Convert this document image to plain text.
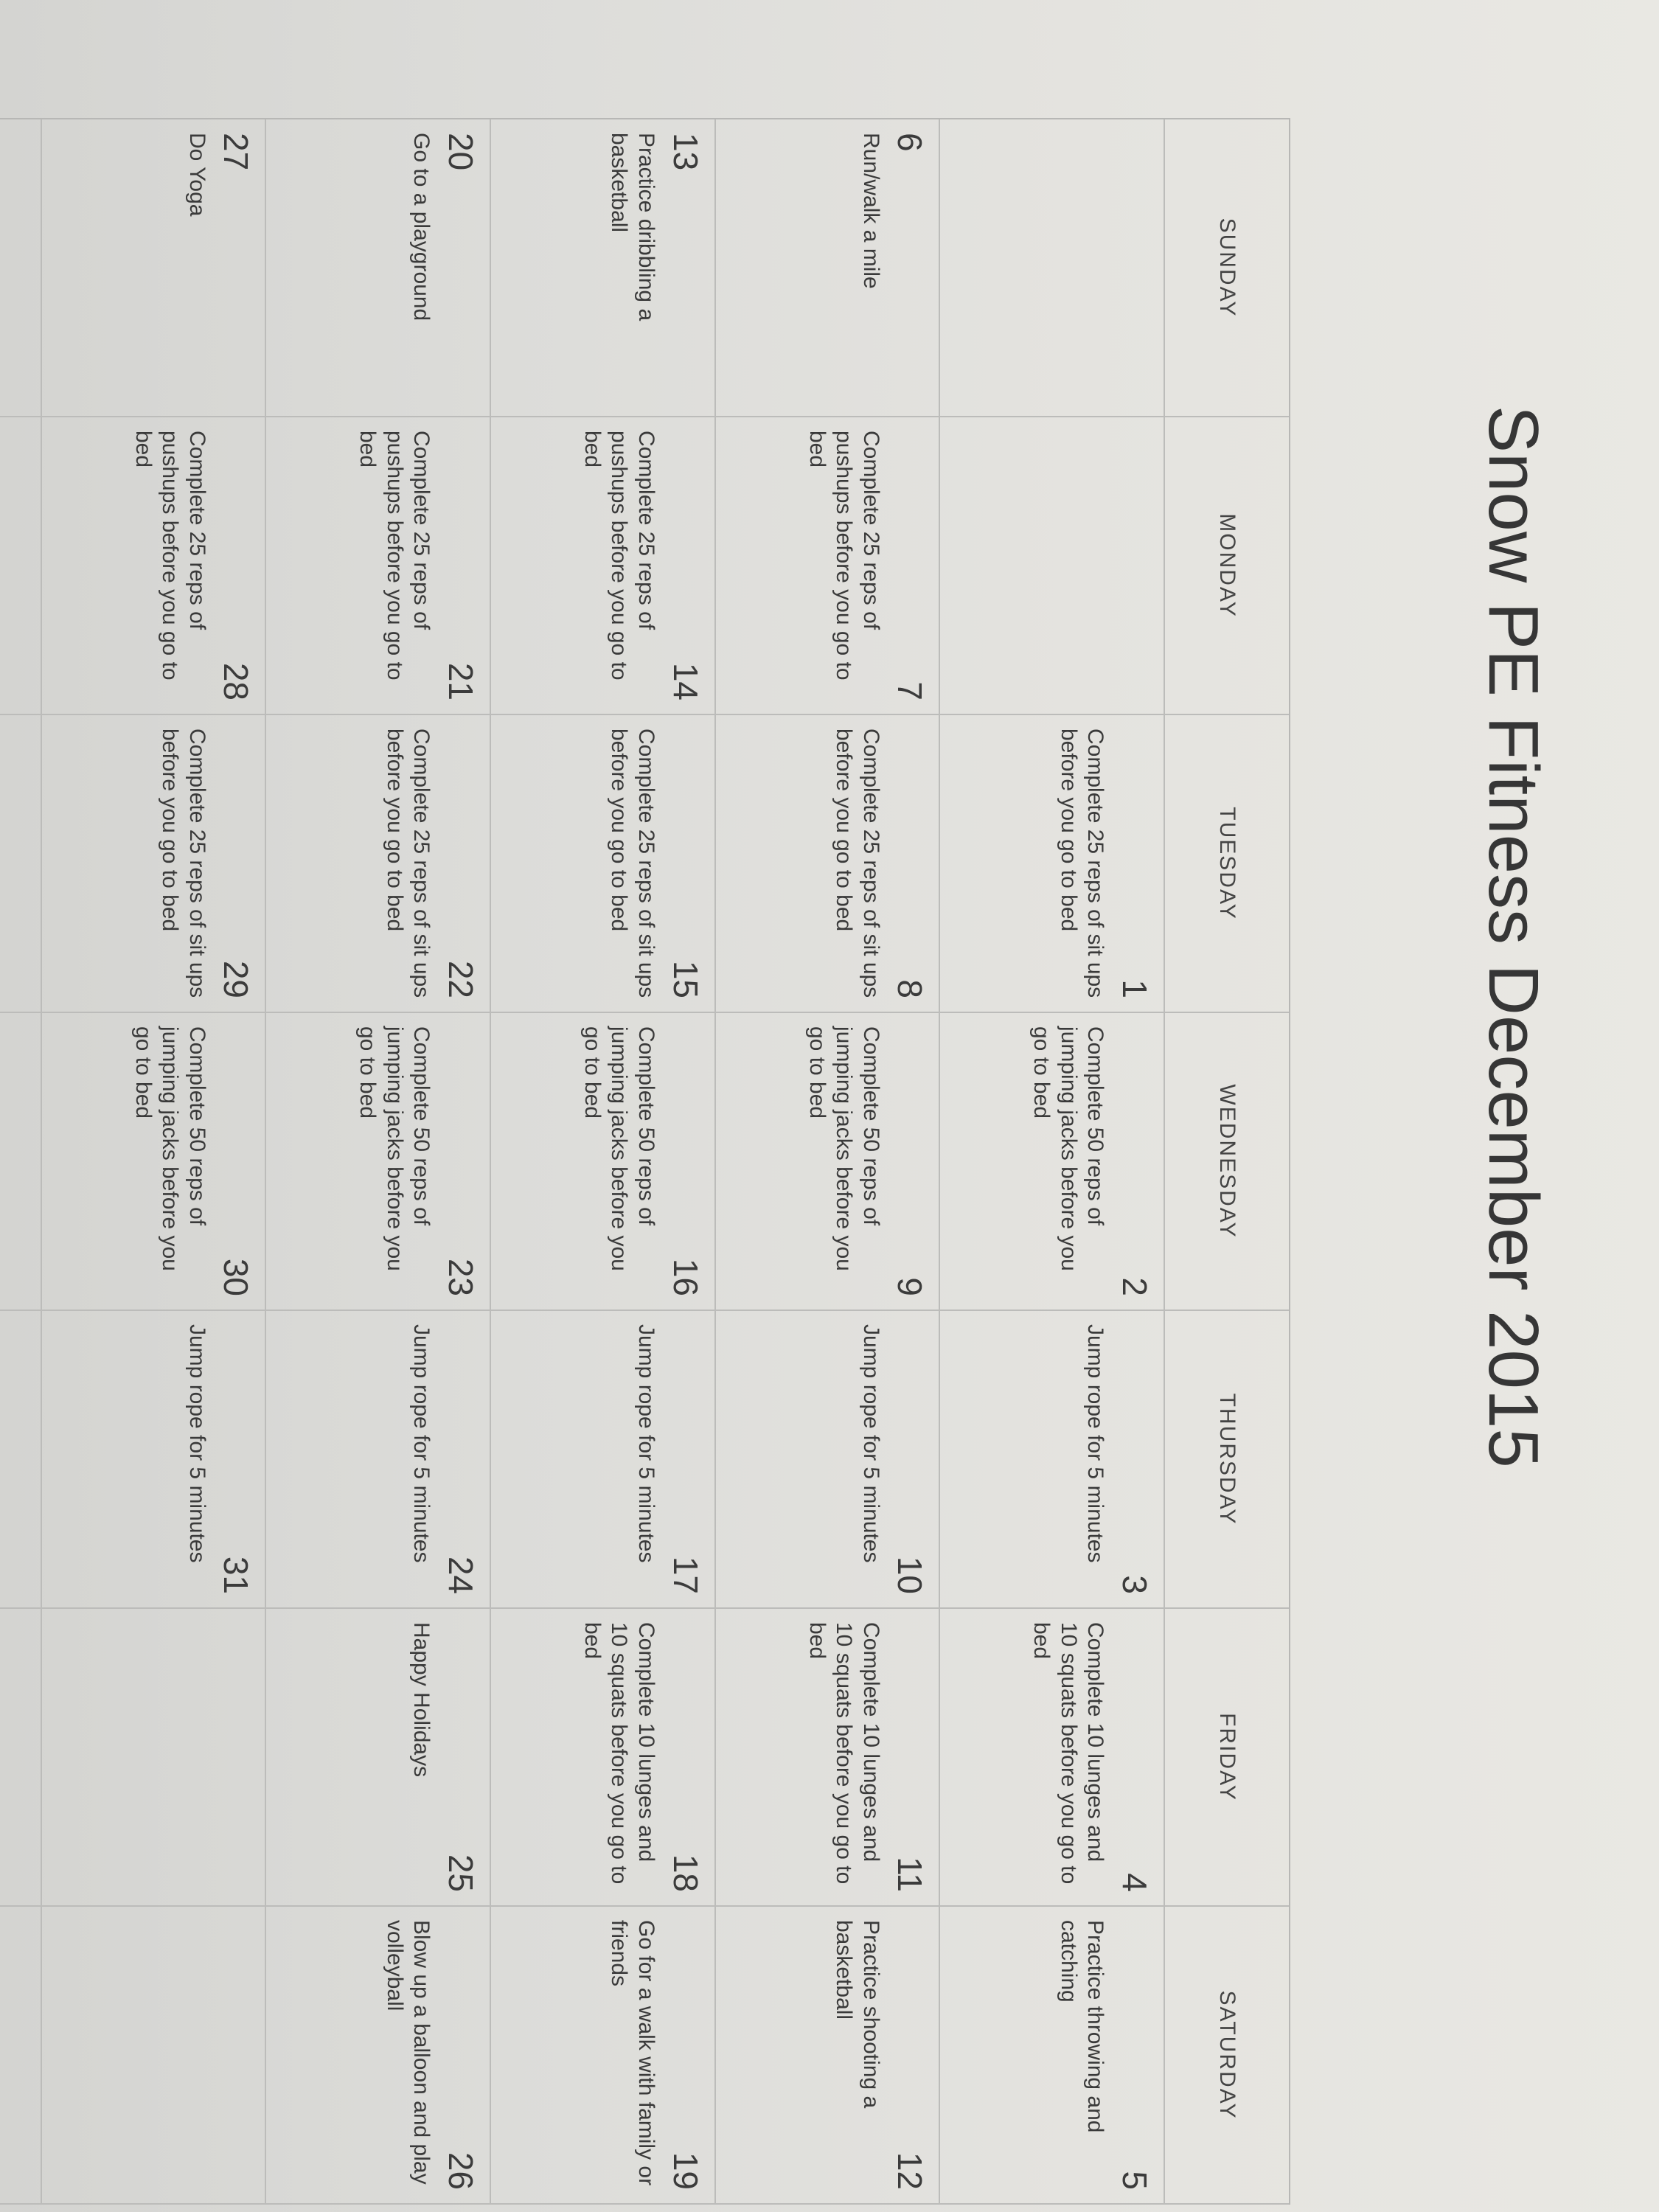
Snow PE Fitness December 2015
SUNDAY
MONDAY
TUESDAY
WEDNESDAY
THURSDAY
FRIDAY
SATURDAY
1
Complete 25 reps of sit ups before you go to bed
2
Complete 50 reps of jumping jacks before you go to bed
3
Jump rope for 5 minutes
4
Complete 10 lunges and 10 squats before you go to bed
5
Practice throwing and catching
6
Run/walk a mile
7
Complete 25 reps of pushups before you go to bed
8
Complete 25 reps of sit ups before you go to bed
9
Complete 50 reps of jumping jacks before you go to bed
10
Jump rope for 5 minutes
11
Complete 10 lunges and 10 squats before you go to bed
12
Practice shooting a basketball
13
Practice dribbling a basketball
14
Complete 25 reps of pushups before you go to bed
15
Complete 25 reps of sit ups before you go to bed
16
Complete 50 reps of jumping jacks before you go to bed
17
Jump rope for 5 minutes
18
Complete 10 lunges and 10 squats before you go to bed
19
Go for a walk with family or friends
20
Go to a playground
21
Complete 25 reps of pushups before you go to bed
22
Complete 25 reps of sit ups before you go to bed
23
Complete 50 reps of jumping jacks before you go to bed
24
Jump rope for 5 minutes
25
Happy Holidays
26
Blow up a balloon and play volleyball
27
Do Yoga
28
Complete 25 reps of pushups before you go to bed
29
Complete 25 reps of sit ups before you go to bed
30
Complete 50 reps of jumping jacks before you go to bed
31
Jump rope for 5 minutes
